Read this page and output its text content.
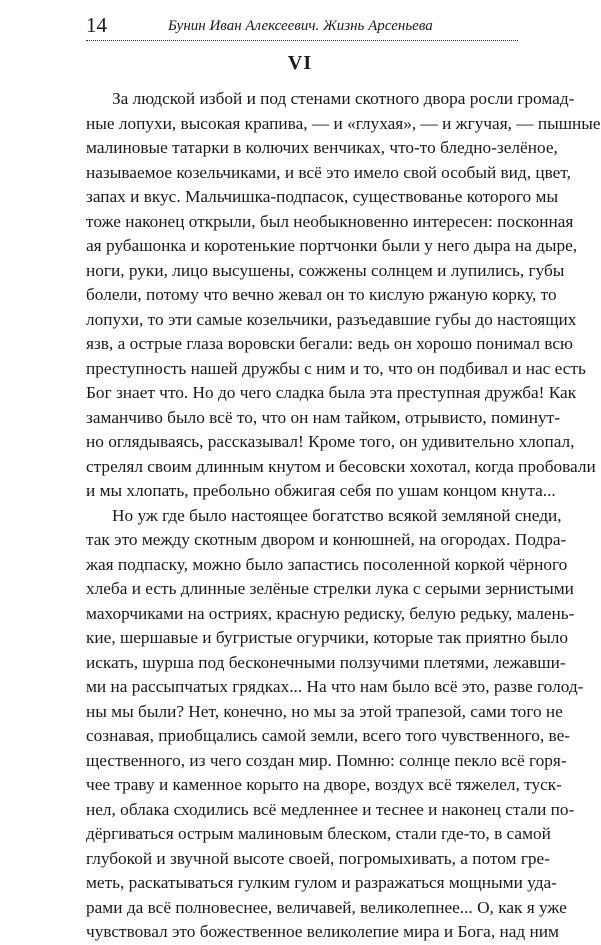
14	Бунин Иван Алексеевич. Жизнь Арсеньева
VI
За людской избой и под стенами скотного двора росли громад-
ные лопухи, высокая крапива, — и «глухая», — и жгучая, — пышные
малиновые татарки в колючих венчиках, что-то бледно-зелёное,
называемое козельчиками, и всё это имело свой особый вид, цвет,
запах и вкус. Мальчишка-подпасок, существованье которого мы
тоже наконец открыли, был необыкновенно интересен: посконная
ая рубашонка и коротенькие портчонки были у него дыра на дыре,
ноги, руки, лицо высушены, сожжены солнцем и лупились, губы
болели, потому что вечно жевал он то кислую ржаную корку, то
лопухи, то эти самые козельчики, разъедавшие губы до настоящих
язв, а острые глаза воровски бегали: ведь он хорошо понимал всю
преступность нашей дружбы с ним и то, что он подбивал и нас есть
Бог знает что. Но до чего сладка была эта преступная дружба! Как
заманчиво было всё то, что он нам тайком, отрывисто, поминут-
но оглядываясь, рассказывал! Кроме того, он удивительно хлопал,
стрелял своим длинным кнутом и бесовски хохотал, когда пробовали
и мы хлопать, пребольно обжигая себя по ушам концом кнута...
Но уж где было настоящее богатство всякой земляной снеди,
так это между скотным двором и конюшней, на огородах. Подра-
жая подпаску, можно было запастись посоленной коркой чёрного
хлеба и есть длинные зелёные стрелки лука с серыми зернистыми
махорчиками на остриях, красную редиску, белую редьку, малень-
кие, шершавые и бугристые огурчики, которые так приятно было
искать, шурша под бесконечными ползучими плетями, лежавши-
ми на рассыпчатых грядках... На что нам было всё это, разве голод-
ны мы были? Нет, конечно, но мы за этой трапезой, сами того не
сознавая, приобщались самой земли, всего того чувственного, ве-
щественного, из чего создан мир. Помню: солнце пекло всё горя-
чее траву и каменное корыто на дворе, воздух всё тяжелел, туск-
нел, облака сходились всё медленнее и теснее и наконец стали по-
дёргиваться острым малиновым блеском, стали где-то, в самой
глубокой и звучной высоте своей, погромыхивать, а потом гре-
меть, раскатываться гулким гулом и разражаться мощными уда-
рами да всё полновеснее, величавей, великолепнее... О, как я уже
чувствовал это божественное великолепие мира и Бога, над ним
